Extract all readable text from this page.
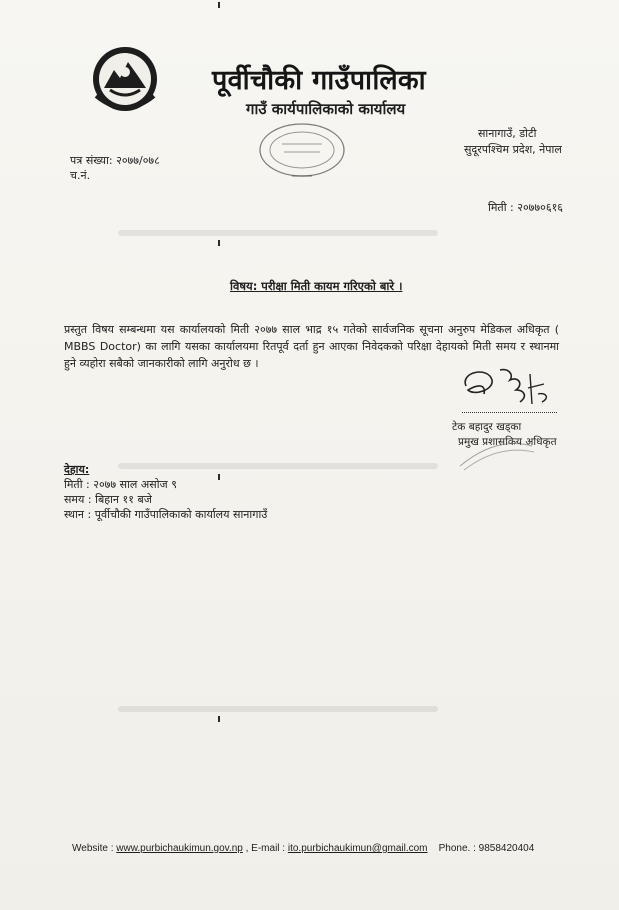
पूर्वीचौकी गाउँपालिका
गाउँ कार्यपालिकाको कार्यालय
सानागाउँ, डोटी
सुदूरपश्चिम प्रदेश, नेपाल
पत्र संख्या: २०७७/०७८
च.नं.
मिती : २०७७०६१६
विषय: परीक्षा मिती कायम गरिएको बारे ।
प्रस्तुत विषय सम्बन्धमा यस कार्यालयको मिती २०७७ साल भाद्र १५ गतेको सार्वजनिक सूचना अनुरुप मेडिकल अधिकृत ( MBBS Doctor) का लागि यसका कार्यालयमा रितपूर्व दर्ता हुन आएका निवेदकको परिक्षा देहायको मिती समय र स्थानमा हुने व्यहोरा सबैको जानकारीको लागि अनुरोध छ ।
टेक बहादुर खड्का
प्रमुख प्रशासकिय अधिकृत
देहाय:
मिती : २०७७ साल असोज ९
समय : बिहान ११ बजे
स्थान : पूर्वीचौकी गाउँपालिकाको कार्यालय सानागाउँ
Website : www.purbichaukimun.gov.np , E-mail : ito.purbichaukimun@gmail.com Phone. : 9858420404
